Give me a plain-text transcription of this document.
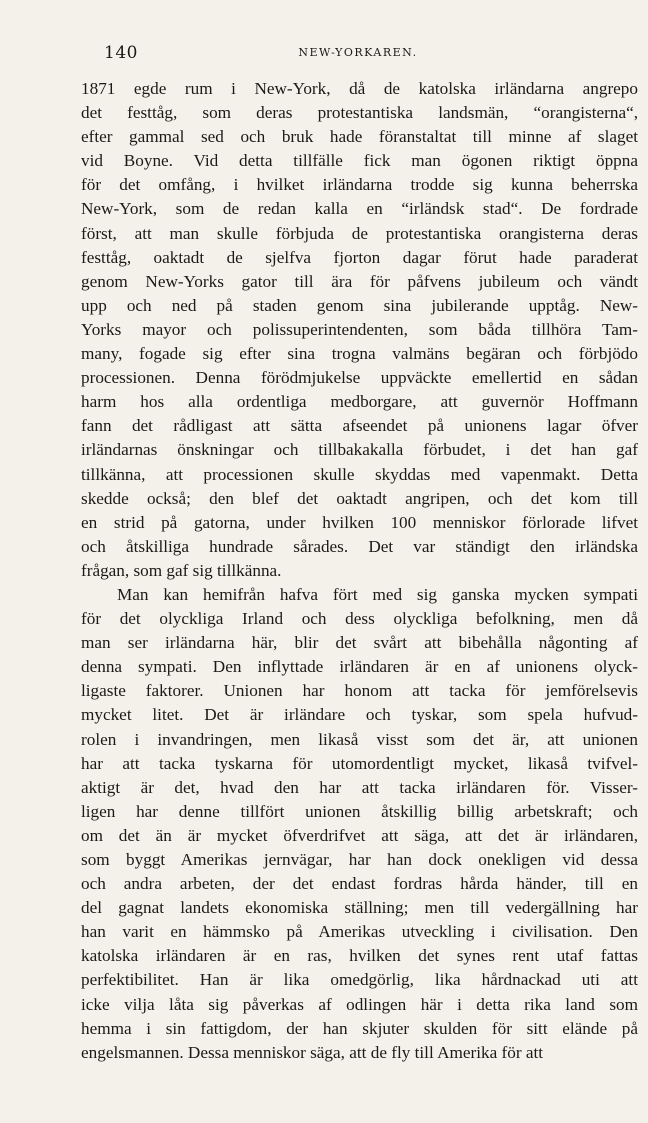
140	NEW-YORKAREN.
1871 egde rum i New-York, då de katolska irländarna angrepo
det festtåg, som deras protestantiska landsmän, “orangisterna“,
efter gammal sed och bruk hade föranstaltat till minne af slaget
vid Boyne. Vid detta tillfälle fick man ögonen riktigt öppna
för det omfång, i hvilket irländarna trodde sig kunna beherrska
New-York, som de redan kalla en “irländsk stad“. De fordrade
först, att man skulle förbjuda de protestantiska orangisterna deras
festtåg, oaktadt de sjelfva fjorton dagar förut hade paraderat
genom New-Yorks gator till ära för påfvens jubileum och vändt
upp och ned på staden genom sina jubilerande upptåg. New-
Yorks mayor och polissuperintendenten, som båda tillhöra Tam-
many, fogade sig efter sina trogna valmäns begäran och förbjödo
processionen. Denna förödmjukelse uppväckte emellertid en sådan
harm hos alla ordentliga medborgare, att guvernör Hoffmann
fann det rådligast att sätta afseendet på unionens lagar öfver
irländarnas önskningar och tillbakakalla förbudet, i det han gaf
tillkänna, att processionen skulle skyddas med vapenmakt. Detta
skedde också; den blef det oaktadt angripen, och det kom till
en strid på gatorna, under hvilken 100 menniskor förlorade lifvet
och åtskilliga hundrade sårades. Det var ständigt den irländska
frågan, som gaf sig tillkänna.
Man kan hemifrån hafva fört med sig ganska mycken sympati
för det olyckliga Irland och dess olyckliga befolkning, men då
man ser irländarna här, blir det svårt att bibehålla någonting af
denna sympati. Den inflyttade irländaren är en af unionens olyck-
ligaste faktorer. Unionen har honom att tacka för jemförelsevis
mycket litet. Det är irländare och tyskar, som spela hufvud-
rolen i invandringen, men likaså visst som det är, att unionen
har att tacka tyskarna för utomordentligt mycket, likaså tvifvel-
aktigt är det, hvad den har att tacka irländaren för. Visser-
ligen har denne tillfört unionen åtskillig billig arbetskraft; och
om det än är mycket öfverdrifvet att säga, att det är irländaren,
som byggt Amerikas jernvägar, har han dock onekligen vid dessa
och andra arbeten, der det endast fordras hårda händer, till en
del gagnat landets ekonomiska ställning; men till vedergällning har
han varit en hämmsko på Amerikas utveckling i civilisation. Den
katolska irländaren är en ras, hvilken det synes rent utaf fattas
perfektibilitet. Han är lika omedgörlig, lika hårdnackad uti att
icke vilja låta sig påverkas af odlingen här i detta rika land som
hemma i sin fattigdom, der han skjuter skulden för sitt elände på
engelsmannen. Dessa menniskor säga, att de fly till Amerika för att
